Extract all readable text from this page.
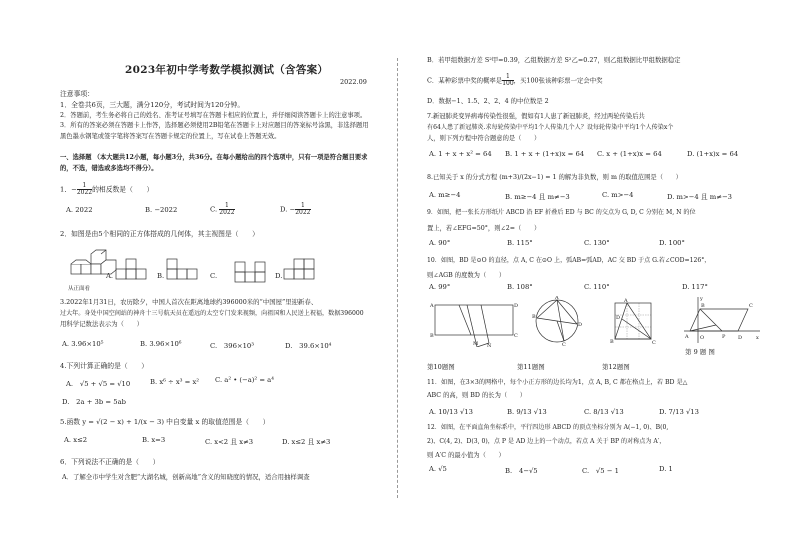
2023年初中学考数学模拟测试（含答案）
2022.09
注意事项：
1．全卷共6页，三大题，满分120分，考试时间为120分钟。
2．答题前，考生务必将自己的姓名、准考证号填写在答题卡相应的位置上，并仔细阅读答题卡上的注意事项。
3．所有的答案必须在答题卡上作答，选择题必须使用2B铅笔在答题卡上对应题目的答案标号涂黑，非选择题用黑色墨水钢笔或签字笔将答案写在答题卡规定的位置上，写在试卷上答题无效。
一、选择题 （本大题共12小题，每小题3分，共36分。在每小题给出的四个选项中，只有一项是符合题目要求的，不选，错选或多选均不得分）。
1．− $\frac{1}{2022}$ 的相反数是（　　）
A. 2022	B. −2022	C. $\frac{1}{2022}$	D. − $\frac{1}{2022}$
2．如图是由5个相同的正方体搭成的几何体，其主视图是（　　）
从正面看
A.	B.	C.	D.
3.2022年1月31日，农历除夕，中国人首次在距离地球约396000米的“中国屋”里迎新春、
过大年。身处中国空间站的神舟十三号航天员在遥远的太空专门发来视频，向祖国和人民送上祝福，数据396000
用科学记数法表示为（　　）
A. 3.96×10⁵	B. 3.96×10⁶	C.　396×10³	D.　39.6×10⁴
4.下列计算正确的是（　　）
A.　√5 + √5 = √10	B. x⁶ ÷ x³ = x² C. a² • (−a)² = a⁴
D.　2a + 3b = 5ab
5.函数 y = √(2 − x) + 1/(x − 3) 中自变量 x 的取值范围是（　　）
A. x≤2	B. x=3	C. x<2 且 x≠3	D. x≤2 且 x≠3
6．下列说法不正确的是（　　）
A．了解全市中学生对含肥“大湖名城，创新高地”含义的知晓度的情况，适合用抽样调查
B．若甲组数据方差 S²甲=0.39，乙组数据方差 S²乙=0.27，则乙组数据比甲组数据稳定
C．某种彩票中奖的概率是 $\frac{1}{100}$ ，买100张该种彩票一定会中奖
D．数据−1、1.5、2、2、4 的中位数是 2
7.新冠肺炎变异病毒传染性很强，假如有1人患了新冠肺炎，经过两轮传染后共
有64人患了新冠肺炎.求每轮传染中平均1个人传染几个人？设每轮传染中平均1个人传染x个
人，则下列方程中符合题意的是（　　）
A. 1 + x + x² = 64 B. 1 + x + (1+x)x = 64 C. x + (1+x)x = 64	D. (1+x)x = 64
8.已知关于 x 的分式方程 (m+3)/(2x−1) = 1 的解为非负数，则 m 的取值范围是（　　）
A. m≥−4	B. m≥−4 且 m≠−3	C. m>−4	D. m>−4 且 m≠−3
9．如图，把一张长方形纸片 ABCD 沿 EF 折叠后 ED 与 BC 的交点为 G, D, C 分别在 M, N 的位
置上，若∠EFG=50°，则∠2=（　　）
A. 90°	B. 115°	C. 130°	D. 100°
10．如图，BD 是⊙O 的直径，点 A, C 在⊙O 上，弧AB=弧AD，AC 交 BD 于点 G.若∠COD=126°，
则∠AGB 的度数为（　　）
A. 99°	B. 108°	C. 110°	D. 117°
A	D
B	C
M N
A
B
D
C
A
B	C
D
A
B	C
D
P
O	x
y
第10题图	第11题图	第12题图
第 9 题 图
11．如图，在3×3的网格中，每个小正方形的边长均为1，点 A, B, C 都在格点上，若 BD 是△
ABC 的高，则 BD 的长为（　　）
A. 10/13 √13	B. 9/13 √13	C. 8/13 √13	D. 7/13 √13
12．如图，在平面直角坐标系中，平行四边形 ABCD 的顶点坐标分别为 A(−1, 0)、B(0,
2)、C(4, 2)、D(3, 0)，点 P 是 AD 边上的一个动点，若点 A 关于 BP 的对称点为 A′，
则 A′C 的最小值为（　　）
A. √5	B.　4−√5	C.　√5 − 1	D. 1
